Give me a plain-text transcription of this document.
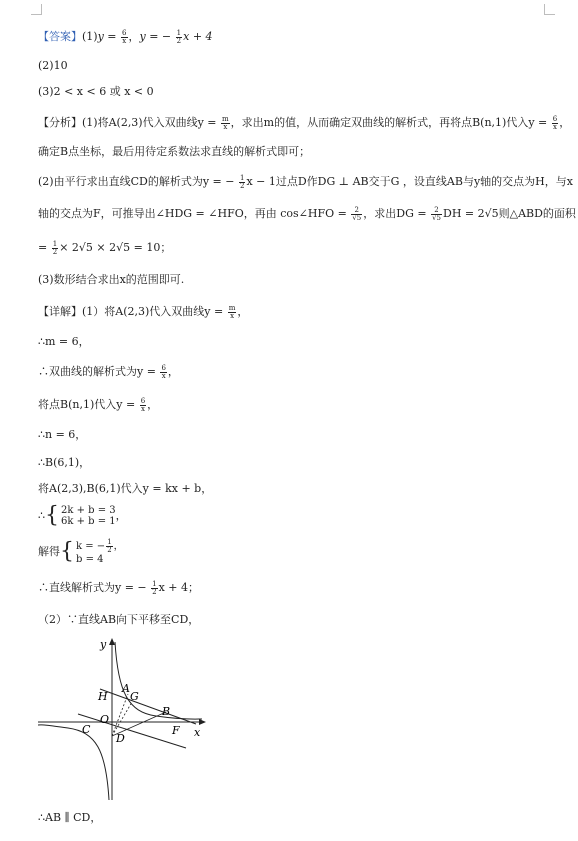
【答案】$(1)y = \frac{6}{x}$ ，y = − $\frac{1}{2}$ x + 4
(2)10
(3)2 < x < 6 或 x < 0
【分析】(1)将A(2,3)代入双曲线$y = \frac{m}{x}$ ，求出m的值，从而确定双曲线的解析式，再将点B(n,1)代入$y = \frac{6}{x}$ ，
确定B点坐标，最后用待定系数法求直线的解析式即可；
(2)由平行求出直线CD的解析式为y = − $\frac{1}{2}$ x − 1过点D作DG ⊥ AB交于G ，设直线AB与y轴的交点为H，与x
轴的交点为F，可推导出∠HDG = ∠HFO，再由 cos∠HFO = $\frac{2}{√5}$ ，求出DG = $\frac{2}{√5}$ DH = 2√5则△ABD的面积
= $\frac{1}{2} \times 2√5 \times 2√5 = 10$；
(3)数形结合求出x的范围即可.
【详解】(1）将A(2,3)代入双曲线$y = \frac{m}{x}$ ，
∴m = 6，
∴双曲线的解析式为$y = \frac{6}{x}$ ，
将点B(n,1)代入$y = \frac{6}{x}$ ，
∴n = 6，
∴B(6,1)，
将A(2,3),B(6,1)代入y = kx + b，
∴{ 2k + b = 3
6k + b = 1 ，
解得{ k = − $\frac{1}{2}$ ，
b = 4
∴直线解析式为y = − $\frac{1}{2}$ x + 4；
（2）∵直线AB向下平移至CD，
y
x
H
A
G
B
O
C
D
F
∴AB ∥ CD，
